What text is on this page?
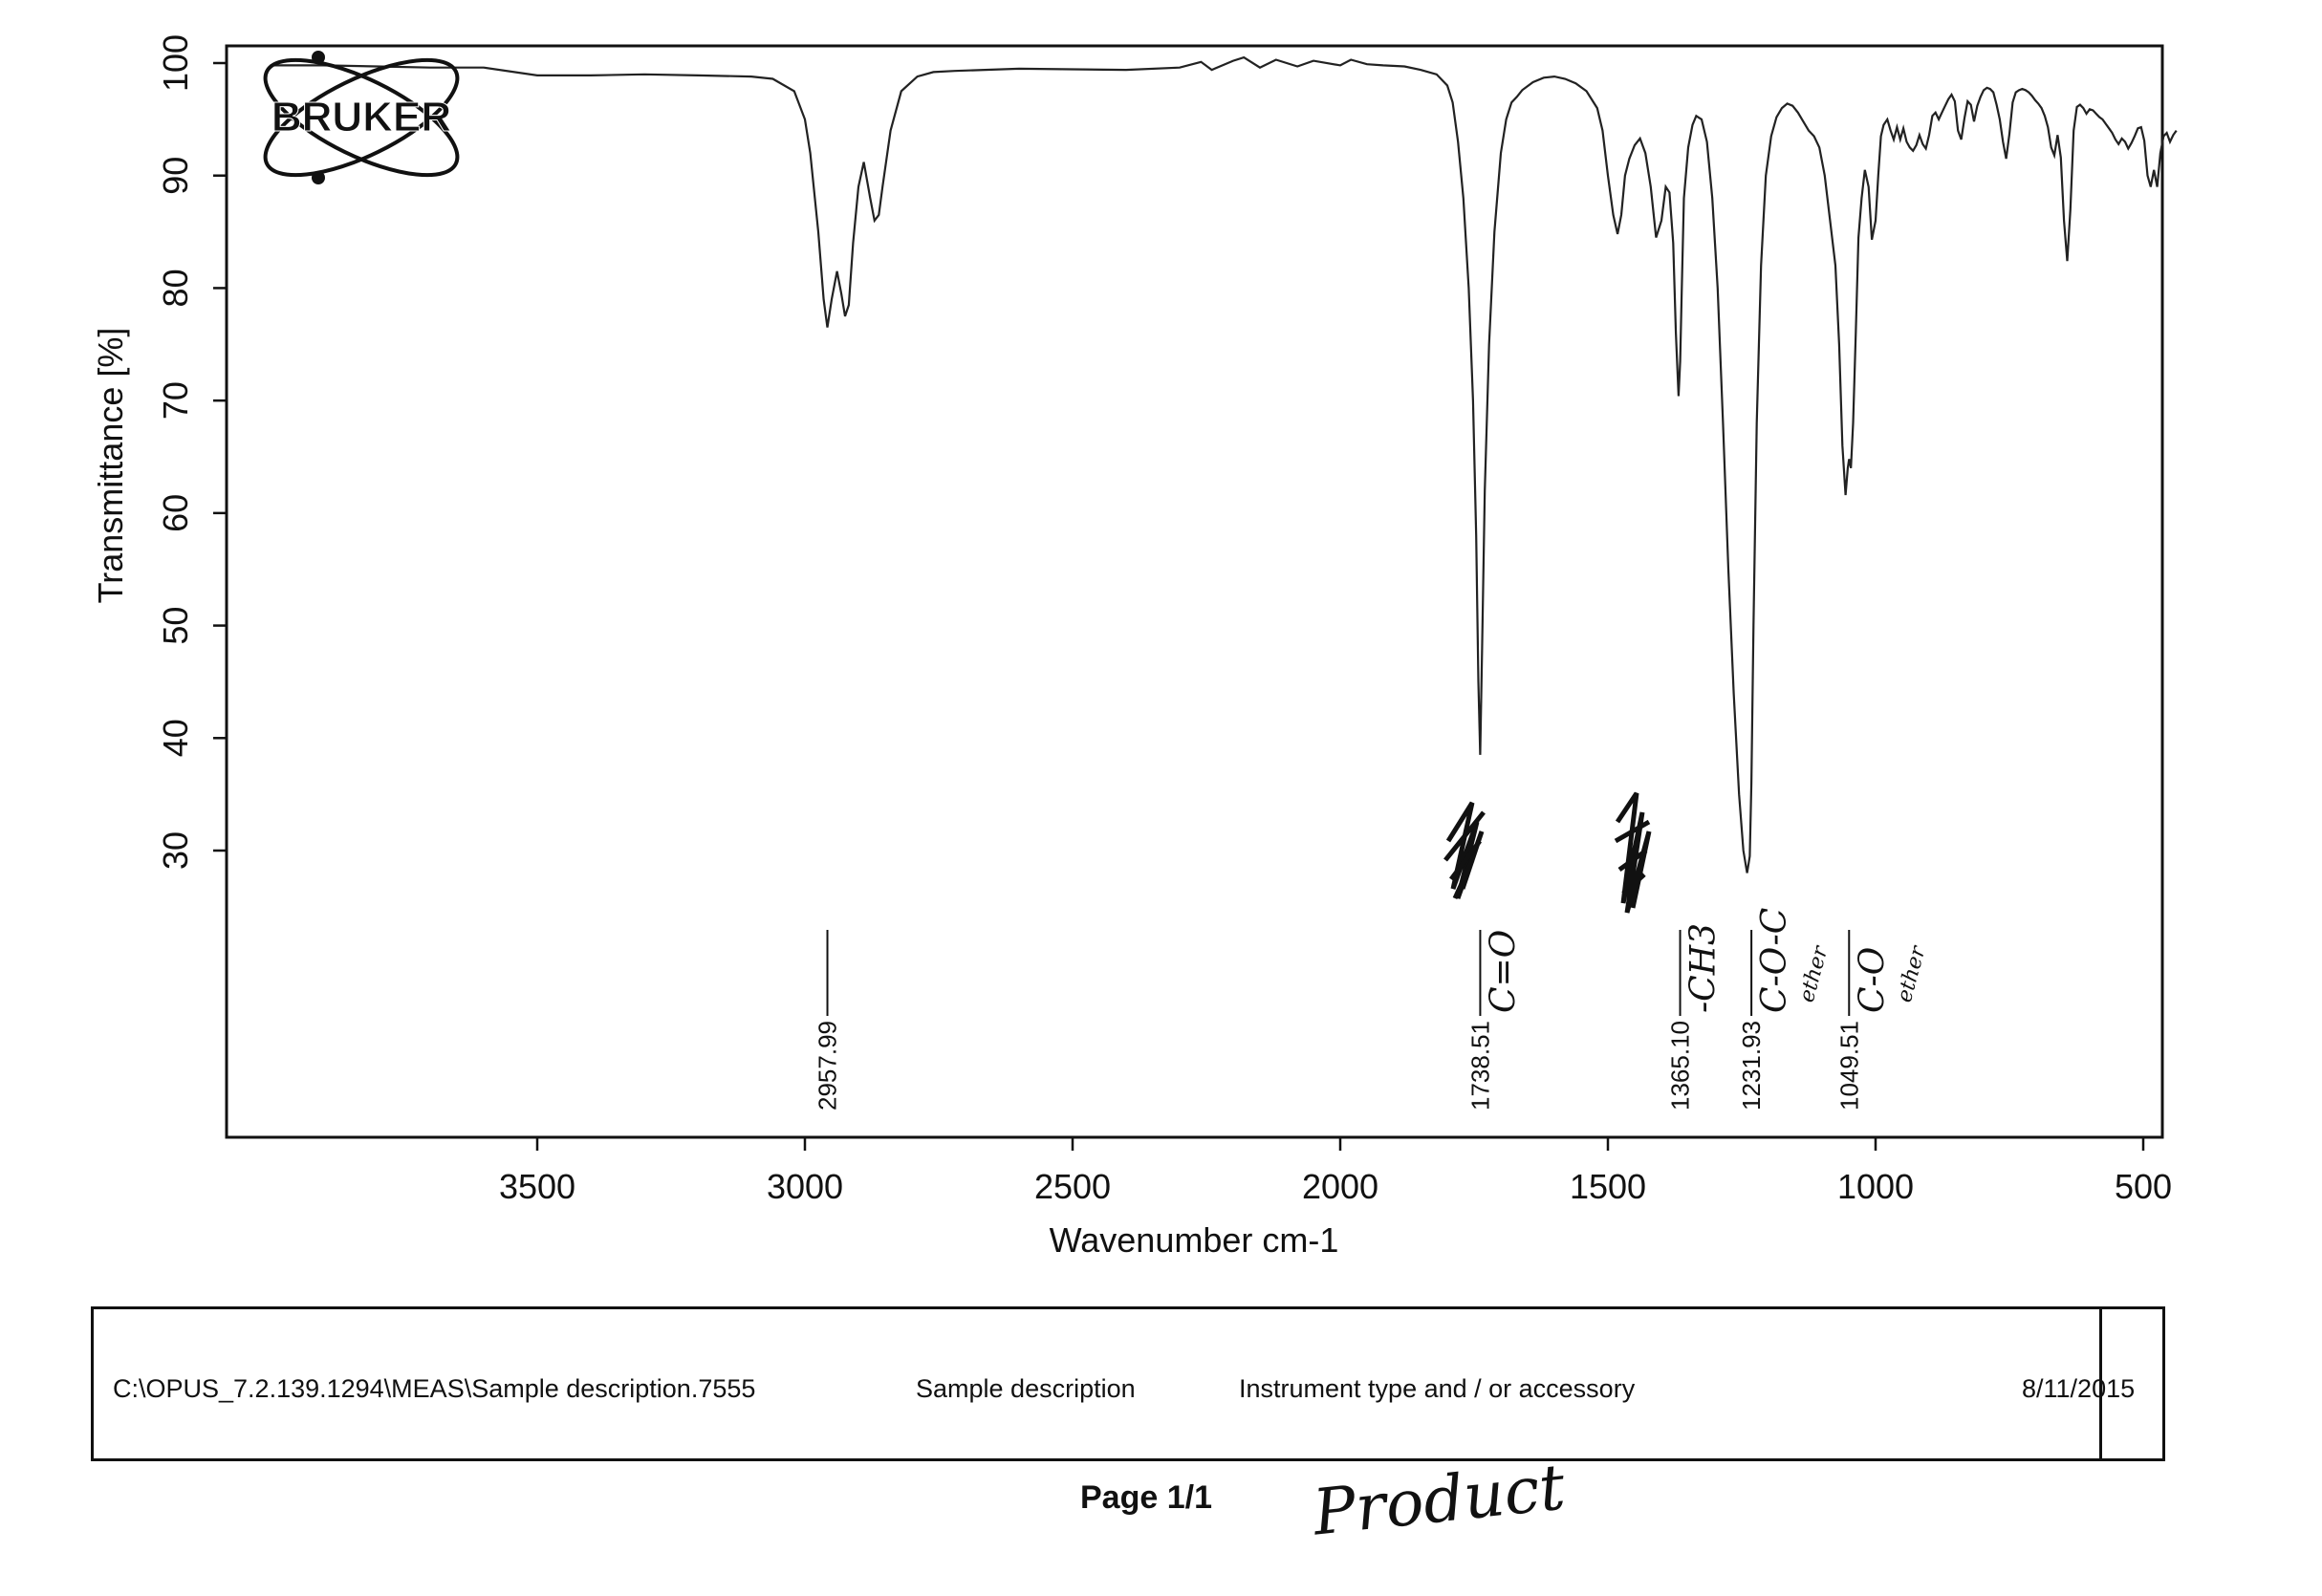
3500	3000	2500	2000	1500	1000	500
30
40
50
60
70
80
90
100
2957.99	1738.51	1365.10 1231.93	1049.51
C=O	-CH3 C-O-C ether C-O ether
Wavenumber cm-1
Transmittance [%]
BRUKER
C:\OPUS_7.2.139.1294\MEAS\Sample description.7555	Sample description	Instrument type and / or accessory	8/11/2015
Page 1/1 Product
